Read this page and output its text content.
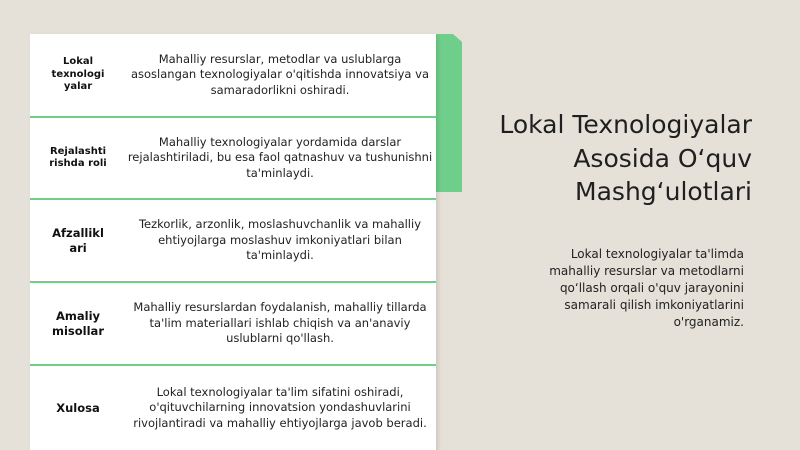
Lokal texnologi yalar
Mahalliy resurslar, metodlar va uslublarga asoslangan texnologiyalar o'qitishda innovatsiya va samaradorlikni oshiradi.
Rejalashti rishda roli
Mahalliy texnologiyalar yordamida darslar rejalashtiriladi, bu esa faol qatnashuv va tushunishni ta'minlaydi.
Afzallikl ari
Tezkorlik, arzonlik, moslashuvchanlik va mahalliy ehtiyojlarga moslashuv imkoniyatlari bilan ta'minlaydi.
Amaliy misollar
Mahalliy resurslardan foydalanish, mahalliy tillarda ta'lim materiallari ishlab chiqish va an'anaviy uslublarni qo'llash.
Xulosa
Lokal texnologiyalar ta'lim sifatini oshiradi, o'qituvchilarning innovatsion yondashuvlarini rivojlantiradi va mahalliy ehtiyojlarga javob beradi.
Lokal Texnologiyalar Asosida O‘quv Mashg‘ulotlari
Lokal texnologiyalar ta'limda mahalliy resurslar va metodlarni qo‘llash orqali o'quv jarayonini samarali qilish imkoniyatlarini o'rganamiz.
